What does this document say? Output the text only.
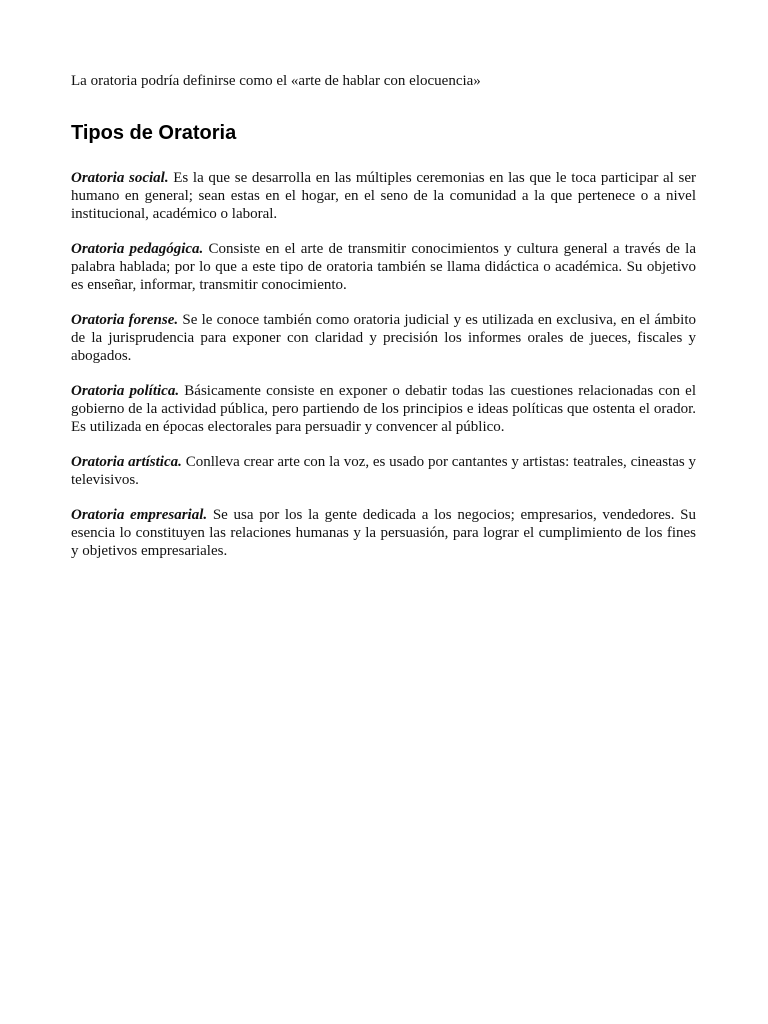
La oratoria podría definirse como el «arte de hablar con elocuencia»

Tipos de Oratoria

Oratoria social. Es la que se desarrolla en las múltiples ceremonias en las que le toca participar al ser humano en general; sean estas en el hogar, en el seno de la comunidad a la que pertenece o a nivel institucional, académico o laboral.

Oratoria pedagógica. Consiste en el arte de transmitir conocimientos y cultura general a través de la palabra hablada; por lo que a este tipo de oratoria también se llama didáctica o académica. Su objetivo es enseñar, informar, transmitir conocimiento.

Oratoria forense. Se le conoce también como oratoria judicial y es utilizada en exclusiva, en el ámbito de la jurisprudencia para exponer con claridad y precisión los informes orales de jueces, fiscales y abogados.

Oratoria política. Básicamente consiste en exponer o debatir todas las cuestiones relacionadas con el gobierno de la actividad pública, pero partiendo de los principios e ideas políticas que ostenta el orador. Es utilizada en épocas electorales para persuadir y convencer al público.

Oratoria artística. Conlleva crear arte con la voz, es usado por cantantes y artistas: teatrales, cineastas y televisivos.

Oratoria empresarial. Se usa por los la gente dedicada a los negocios; empresarios, vendedores. Su esencia lo constituyen las relaciones humanas y la persuasión, para lograr el cumplimiento de los fines y objetivos empresariales.
